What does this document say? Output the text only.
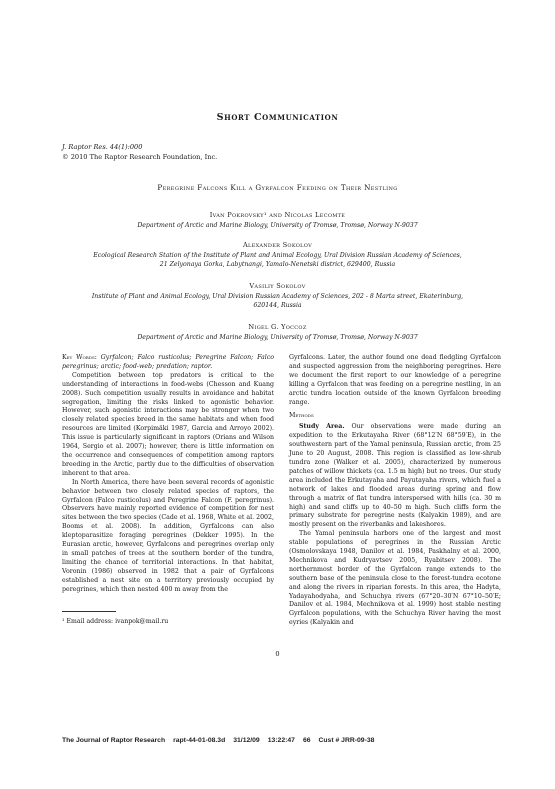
Short Communication
J. Raptor Res. 44(1):000
© 2010 The Raptor Research Foundation, Inc.
Peregrine Falcons Kill a Gyrfalcon Feeding on Their Nestling
Ivan Pokrovsky¹ and Nicolas Lecomte
Department of Arctic and Marine Biology, University of Tromsø, Tromsø, Norway N-9037
Alexander Sokolov
Ecological Research Station of the Institute of Plant and Animal Ecology, Ural Division Russian Academy of Sciences,
21 Zelyonaya Gorka, Labytnangi, Yamalo-Nenetski district, 629400, Russia
Vasiliy Sokolov
Institute of Plant and Animal Ecology, Ural Division Russian Academy of Sciences, 202 - 8 Marta street, Ekaterinburg,
620144, Russia
Nigel G. Yoccoz
Department of Arctic and Marine Biology, University of Tromsø, Tromsø, Norway N-9037

Key Words: Gyrfalcon; Falco rusticolus; Peregrine Falcon; Falco peregrinus; arctic; food-web; predation; raptor.

Competition between top predators is critical to the understanding of interactions in food-webs (Chesson and Kuang 2008). Such competition usually results in avoidance and habitat segregation, limiting the risks linked to agonistic behavior. However, such agonistic interactions may be stronger when two closely related species breed in the same habitats and when food resources are limited (Korpimäki 1987, Garcia and Arroyo 2002). This issue is particularly significant in raptors (Orians and Wilson 1964, Sergio et al. 2007); however, there is little information on the occurrence and consequences of competition among raptors breeding in the Arctic, partly due to the difficulties of observation inherent to that area.

In North America, there have been several records of agonistic behavior between two closely related species of raptors, the Gyrfalcon (Falco rusticolus) and Peregrine Falcon (F. peregrinus). Observers have mainly reported evidence of competition for nest sites between the two species (Cade et al. 1968, White et al. 2002, Booms et al. 2008). In addition, Gyrfalcons can also kleptoparasitize foraging peregrines (Dekker 1995). In the Eurasian arctic, however, Gyrfalcons and peregrines overlap only in small patches of trees at the southern border of the tundra, limiting the chance of territorial interactions. In that habitat, Voronin (1986) observed in 1982 that a pair of Gyrfalcons established a nest site on a territory previously occupied by peregrines, which then nested 400 m away from the

Gyrfalcons. Later, the author found one dead fledgling Gyrfalcon and suspected aggression from the neighboring peregrines. Here we document the first report to our knowledge of a peregrine killing a Gyrfalcon that was feeding on a peregrine nestling, in an arctic tundra location outside of the known Gyrfalcon breeding range.

Methods

Study Area. Our observations were made during an expedition to the Erkutayaha River (68°12′N 68°59′E), in the southwestern part of the Yamal peninsula, Russian arctic, from 25 June to 20 August, 2008. This region is classified as low-shrub tundra zone (Walker et al. 2005), characterized by numerous patches of willow thickets (ca. 1.5 m high) but no trees. Our study area included the Erkutayaha and Payutayaha rivers, which fuel a network of lakes and flooded areas during spring and flow through a matrix of flat tundra interspersed with hills (ca. 30 m high) and sand cliffs up to 40–50 m high. Such cliffs form the primary substrate for peregrine nests (Kalyakin 1989), and are mostly present on the riverbanks and lakeshores.

The Yamal peninsula harbors one of the largest and most stable populations of peregrines in the Russian Arctic (Osmolovskaya 1948, Danilov et al. 1984, Paskhalny et al. 2000, Mechnikova and Kudryavtsev 2005, Ryabitsev 2008). The northernmost border of the Gyrfalcon range extends to the southern base of the peninsula close to the forest-tundra ecotone and along the rivers in riparian forests. In this area, the Hadyta, Yadayahodyaha, and Schuchya rivers (67°20–30′N 67°10–50′E; Danilov et al. 1984, Mechnikova et al. 1999) host stable nesting Gyrfalcon populations, with the Schuchya River having the most eyries (Kalyakin and

¹ Email address: ivanpok@mail.ru
0
The Journal of Raptor Research rapt-44-01-08.3d 31/12/09 13:22:47 66 Cust # JRR-09-38
